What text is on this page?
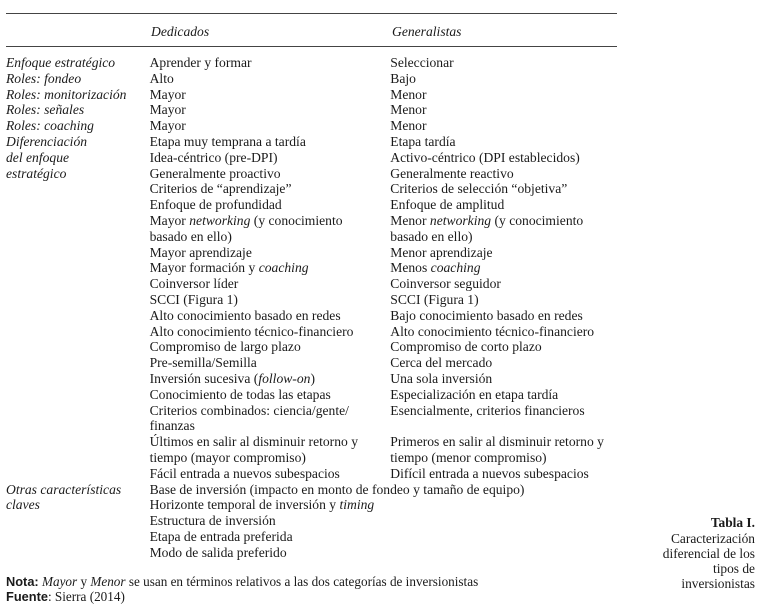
Dedicados	Generalistas
Enfoque estratégico	Aprender y formar	Seleccionar
Roles: fondeo	Alto	Bajo
Roles: monitorización	Mayor	Menor
Roles: señales	Mayor	Menor
Roles: coaching	Mayor	Menor
Diferenciación	Etapa muy temprana a tardía	Etapa tardía
del enfoque	Idea-céntrico (pre-DPI)	Activo-céntrico (DPI establecidos)
estratégico	Generalmente proactivo	Generalmente reactivo
	Criterios de “aprendizaje”	Criterios de selección “objetiva”
	Enfoque de profundidad	Enfoque de amplitud
	Mayor networking (y conocimiento	Menor networking (y conocimiento
	basado en ello)	basado en ello)
	Mayor aprendizaje	Menor aprendizaje
	Mayor formación y coaching	Menos coaching
	Coinversor líder	Coinversor seguidor
	SCCI (Figura 1)	SCCI (Figura 1)
	Alto conocimiento basado en redes	Bajo conocimiento basado en redes
	Alto conocimiento técnico-financiero	Alto conocimiento técnico-financiero
	Compromiso de largo plazo	Compromiso de corto plazo
	Pre-semilla/Semilla	Cerca del mercado
	Inversión sucesiva (follow-on)	Una sola inversión
	Conocimiento de todas las etapas	Especialización en etapa tardía
	Criterios combinados: ciencia/gente/	Esencialmente, criterios financieros
	finanzas	
	Últimos en salir al disminuir retorno y	Primeros en salir al disminuir retorno y
	tiempo (mayor compromiso)	tiempo (menor compromiso)
	Fácil entrada a nuevos subespacios	Difícil entrada a nuevos subespacios
Otras características	Base de inversión (impacto en monto de fondeo y tamaño de equipo)	
claves	Horizonte temporal de inversión y timing	
	Estructura de inversión	
	Etapa de entrada preferida	
	Modo de salida preferido	
Nota: Mayor y Menor se usan en términos relativos a las dos categorías de inversionistas
Fuente: Sierra (2014)
Tabla I.
Caracterización
diferencial de los
tipos de
inversionistas
